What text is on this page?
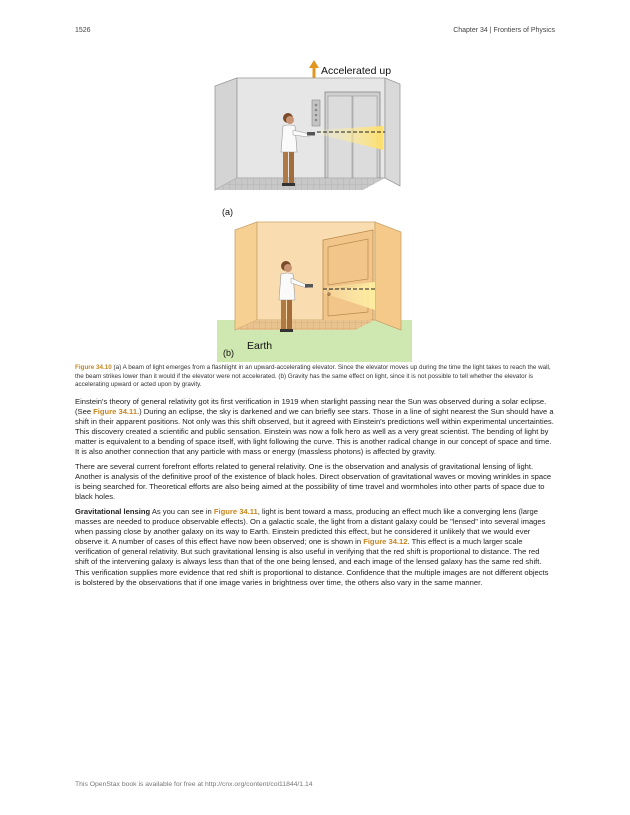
1526	Chapter 34 | Frontiers of Physics
Accelerated up
(a)
Earth
(b)
Figure 34.10 (a) A beam of light emerges from a flashlight in an upward-accelerating elevator. Since the elevator moves up during the time the light takes to reach the wall, the beam strikes lower than it would if the elevator were not accelerated. (b) Gravity has the same effect on light, since it is not possible to tell whether the elevator is accelerating upward or acted upon by gravity.

Einstein's theory of general relativity got its first verification in 1919 when starlight passing near the Sun was observed during a solar eclipse. (See Figure 34.11.) During an eclipse, the sky is darkened and we can briefly see stars. Those in a line of sight nearest the Sun should have a shift in their apparent positions. Not only was this shift observed, but it agreed with Einstein's predictions well within experimental uncertainties. This discovery created a scientific and public sensation. Einstein was now a folk hero as well as a very great scientist. The bending of light by matter is equivalent to a bending of space itself, with light following the curve. This is another radical change in our concept of space and time. It is also another connection that any particle with mass or energy (massless photons) is affected by gravity.

There are several current forefront efforts related to general relativity. One is the observation and analysis of gravitational lensing of light. Another is analysis of the definitive proof of the existence of black holes. Direct observation of gravitational waves or moving wrinkles in space is being searched for. Theoretical efforts are also being aimed at the possibility of time travel and wormholes into other parts of space due to black holes.

Gravitational lensing As you can see in Figure 34.11, light is bent toward a mass, producing an effect much like a converging lens (large masses are needed to produce observable effects). On a galactic scale, the light from a distant galaxy could be "lensed" into several images when passing close by another galaxy on its way to Earth. Einstein predicted this effect, but he considered it unlikely that we would ever observe it. A number of cases of this effect have now been observed; one is shown in Figure 34.12. This effect is a much larger scale verification of general relativity. But such gravitational lensing is also useful in verifying that the red shift is proportional to distance. The red shift of the intervening galaxy is always less than that of the one being lensed, and each image of the lensed galaxy has the same red shift. This verification supplies more evidence that red shift is proportional to distance. Confidence that the multiple images are not different objects is bolstered by the observations that if one image varies in brightness over time, the others also vary in the same manner.

This OpenStax book is available for free at http://cnx.org/content/col11844/1.14
